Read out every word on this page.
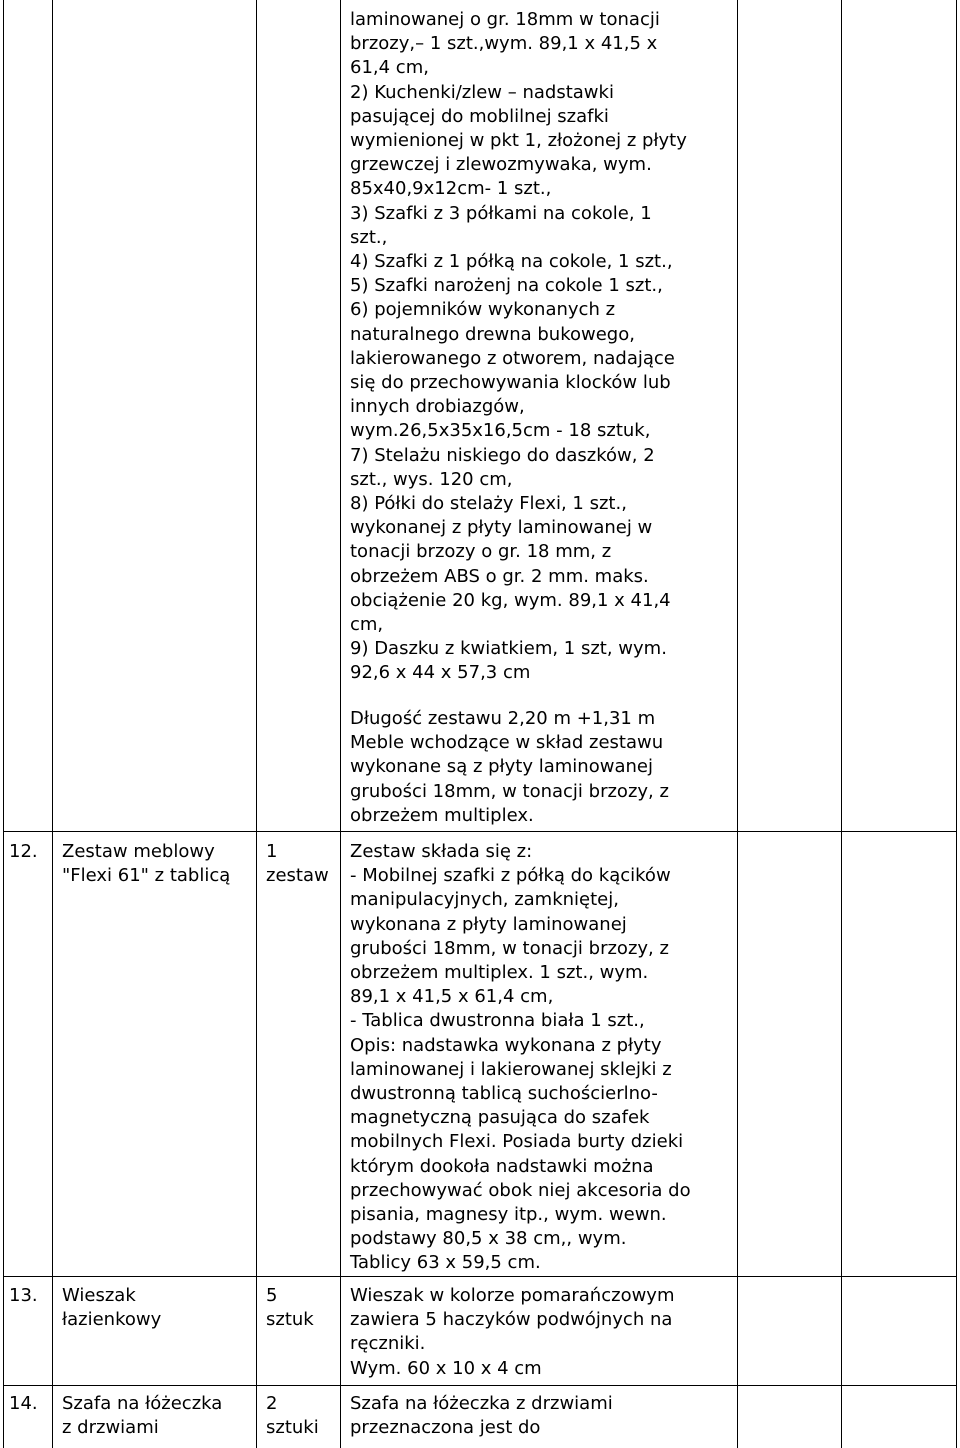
laminowanej o gr. 18mm w tonacji
brzozy,– 1 szt.,wym. 89,1 x 41,5 x
61,4 cm,
2) Kuchenki/zlew – nadstawki
pasującej do moblilnej szafki
wymienionej w pkt 1, złożonej z płyty
grzewczej i zlewozmywaka, wym.
85x40,9x12cm- 1 szt.,
3) Szafki z 3 półkami na cokole, 1
szt.,
4) Szafki z 1 półką na cokole, 1 szt.,
5) Szafki narożenj na cokole 1 szt.,
6) pojemników wykonanych z
naturalnego drewna bukowego,
lakierowanego z otworem, nadające
się do przechowywania klocków lub
innych drobiazgów,
wym.26,5x35x16,5cm - 18 sztuk,
7) Stelażu niskiego do daszków, 2
szt., wys. 120 cm,
8) Półki do stelaży Flexi, 1 szt.,
wykonanej z płyty laminowanej w
tonacji brzozy o gr. 18 mm, z
obrzeżem ABS o gr. 2 mm. maks.
obciążenie 20 kg, wym. 89,1 x 41,4
cm,
9) Daszku z kwiatkiem, 1 szt, wym.
92,6 x 44 x 57,3 cm
Długość zestawu 2,20 m +1,31 m
Meble wchodzące w skład zestawu
wykonane są z płyty laminowanej
grubości 18mm, w tonacji brzozy, z
obrzeżem multiplex.
12. Zestaw meblowy
"Flexi 61" z tablicą
1
zestaw
Zestaw składa się z:
- Mobilnej szafki z półką do kącików
manipulacyjnych, zamkniętej,
wykonana z płyty laminowanej
grubości 18mm, w tonacji brzozy, z
obrzeżem multiplex. 1 szt., wym.
89,1 x 41,5 x 61,4 cm,
- Tablica dwustronna biała 1 szt.,
Opis: nadstawka wykonana z płyty
laminowanej i lakierowanej sklejki z
dwustronną tablicą suchościerlno-
magnetyczną pasująca do szafek
mobilnych Flexi. Posiada burty dzieki
którym dookoła nadstawki można
przechowywać obok niej akcesoria do
pisania, magnesy itp., wym. wewn.
podstawy 80,5 x 38 cm,, wym.
Tablicy 63 x 59,5 cm.
13. Wieszak
łazienkowy
5
sztuk
Wieszak w kolorze pomarańczowym
zawiera 5 haczyków podwójnych na
ręczniki.
Wym. 60 x 10 x 4 cm
14. Szafa na łóżeczka
z drzwiami
2
sztuki
Szafa na łóżeczka z drzwiami
przeznaczona jest do
